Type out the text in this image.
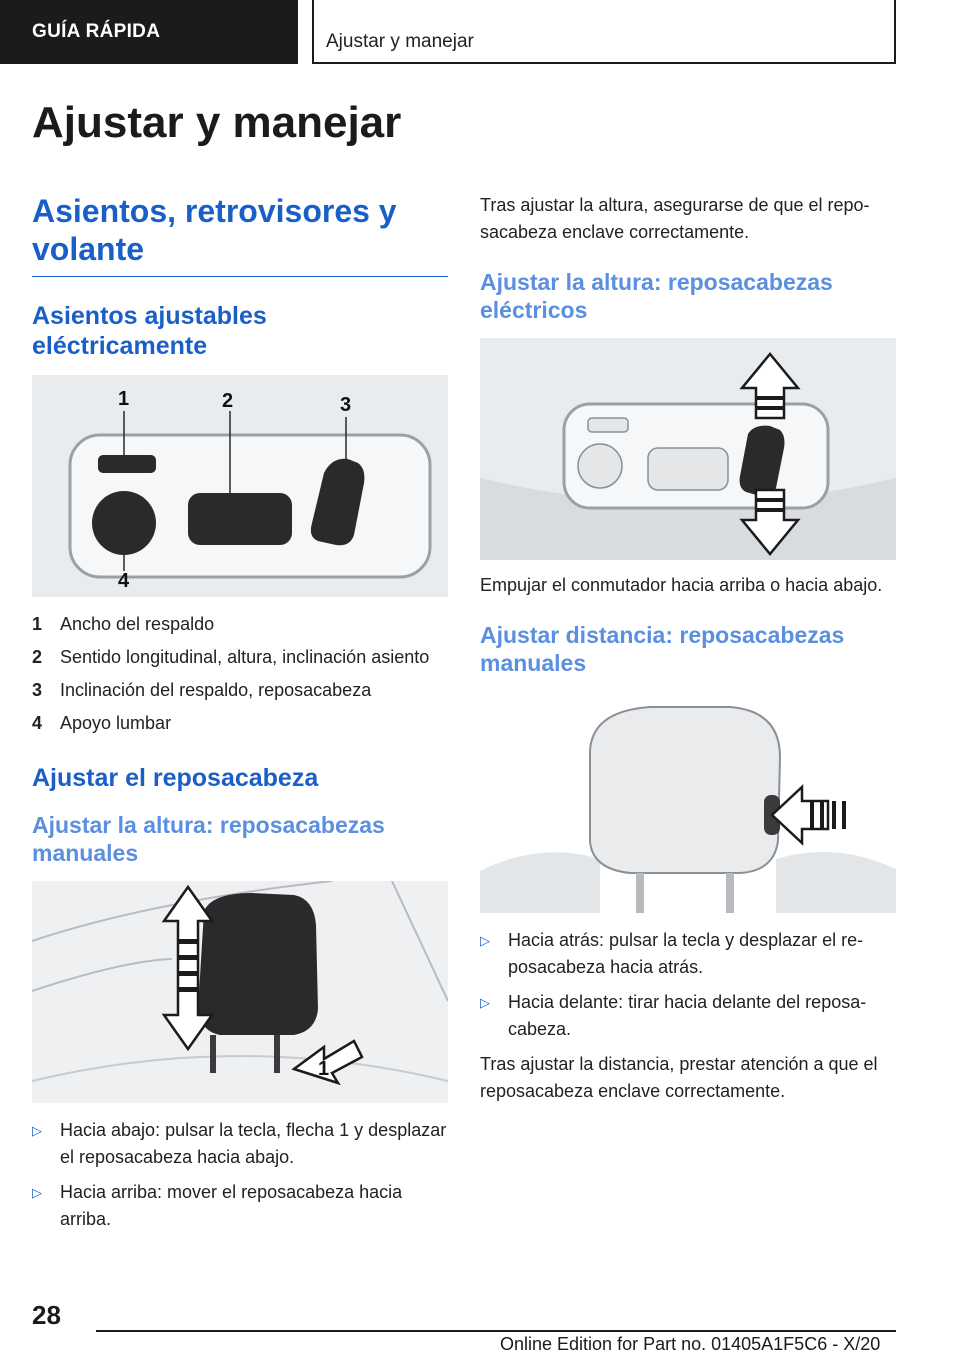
GUÍA RÁPIDA	Ajustar y manejar
Ajustar y manejar
Asientos, retrovisores y volante
Asientos ajustables eléctricamente
1	2	3
4
1 Ancho del respaldo
2 Sentido longitudinal, altura, inclinación asiento
3 Inclinación del respaldo, reposacabeza
4 Apoyo lumbar
Ajustar el reposacabeza
Ajustar la altura: reposacabezas manuales
1
▷	Hacia abajo: pulsar la tecla, flecha 1 y desplazar el reposacabeza hacia abajo.
▷	Hacia arriba: mover el reposacabeza hacia arriba.

Tras ajustar la altura, asegurarse de que el reposacabeza enclave correctamente.

Ajustar la altura: reposacabezas eléctricos

Empujar el conmutador hacia arriba o hacia abajo.

Ajustar distancia: reposacabezas manuales
▷	Hacia atrás: pulsar la tecla y desplazar el reposacabeza hacia atrás.
▷	Hacia delante: tirar hacia delante del reposacabeza.

Tras ajustar la distancia, prestar atención a que el reposacabeza enclave correctamente.

28
Online Edition for Part no. 01405A1F5C6 - X/20
